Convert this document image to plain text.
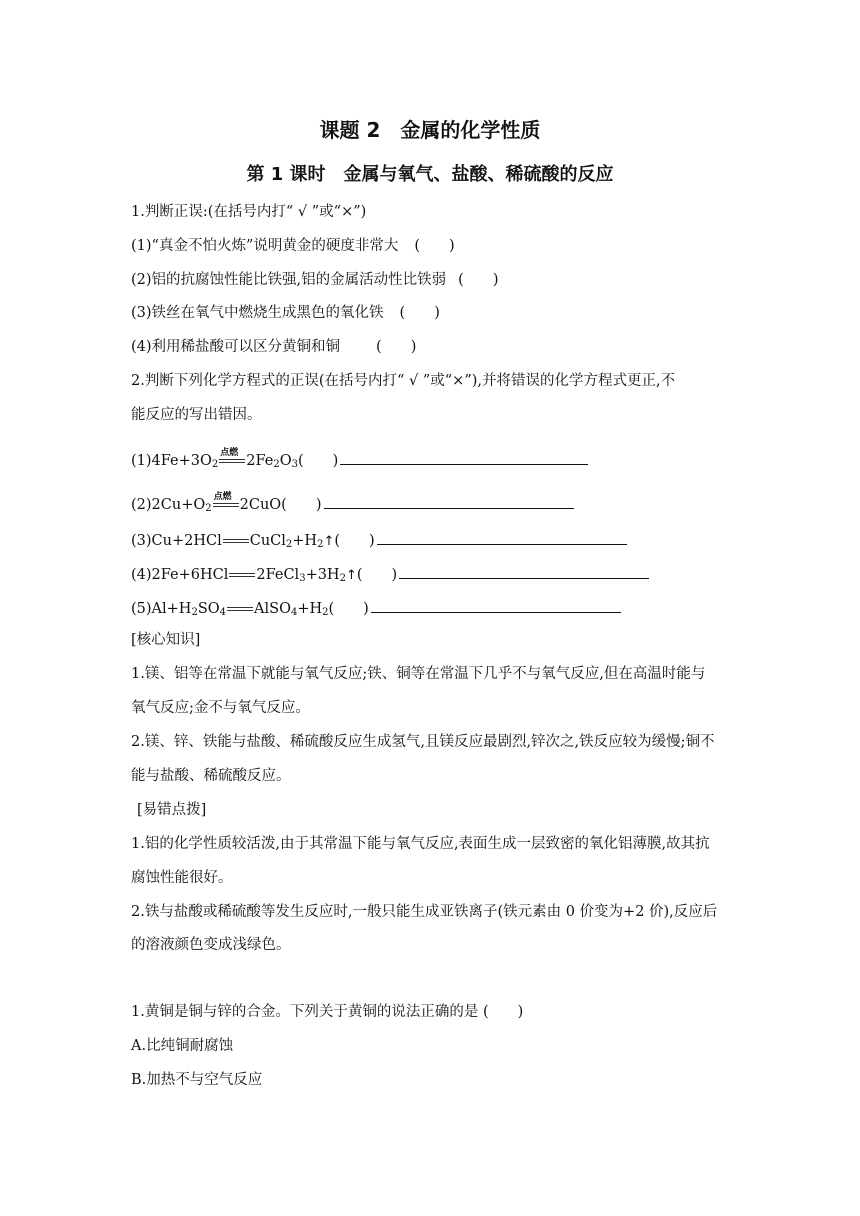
课题 2　金属的化学性质
第 1 课时　金属与氧气、盐酸、稀硫酸的反应
1.判断正误:(在括号内打“ √ ”或“×”)
(1)“真金不怕火炼”说明黄金的硬度非常大 (　　)
(2)铝的抗腐蚀性能比铁强,铝的金属活动性比铁弱 (　　)
(3)铁丝在氧气中燃烧生成黑色的氧化铁 (　　)
(4)利用稀盐酸可以区分黄铜和铜 (　　)
2.判断下列化学方程式的正误(在括号内打“ √ ”或“×”),并将错误的化学方程式更正,不
能反应的写出错因。
$(1)4Fe+3O_2$
点燃 $2Fe_2O_3$(　　)
$(2)2Cu+O_2$
点燃 2CuO(　　)
(3)Cu+2HCl $CuCl_2+H_2↑$(　　)
(4)2Fe+6HCl $2FeCl_3+3H_2↑$(　　)
$(5)Al+H_2SO_4$ $AlSO_4+H_2$(　　)
[核心知识]
1.镁、铝等在常温下就能与氧气反应;铁、铜等在常温下几乎不与氧气反应,但在高温时能与
氧气反应;金不与氧气反应。
2.镁、锌、铁能与盐酸、稀硫酸反应生成氢气,且镁反应最剧烈,锌次之,铁反应较为缓慢;铜不
能与盐酸、稀硫酸反应。
[易错点拨]
1.铝的化学性质较活泼,由于其常温下能与氧气反应,表面生成一层致密的氧化铝薄膜,故其抗
腐蚀性能很好。
2.铁与盐酸或稀硫酸等发生反应时,一般只能生成亚铁离子(铁元素由 0 价变为+2 价),反应后
的溶液颜色变成浅绿色。
1.黄铜是铜与锌的合金。下列关于黄铜的说法正确的是 (　　)
A.比纯铜耐腐蚀
B.加热不与空气反应
